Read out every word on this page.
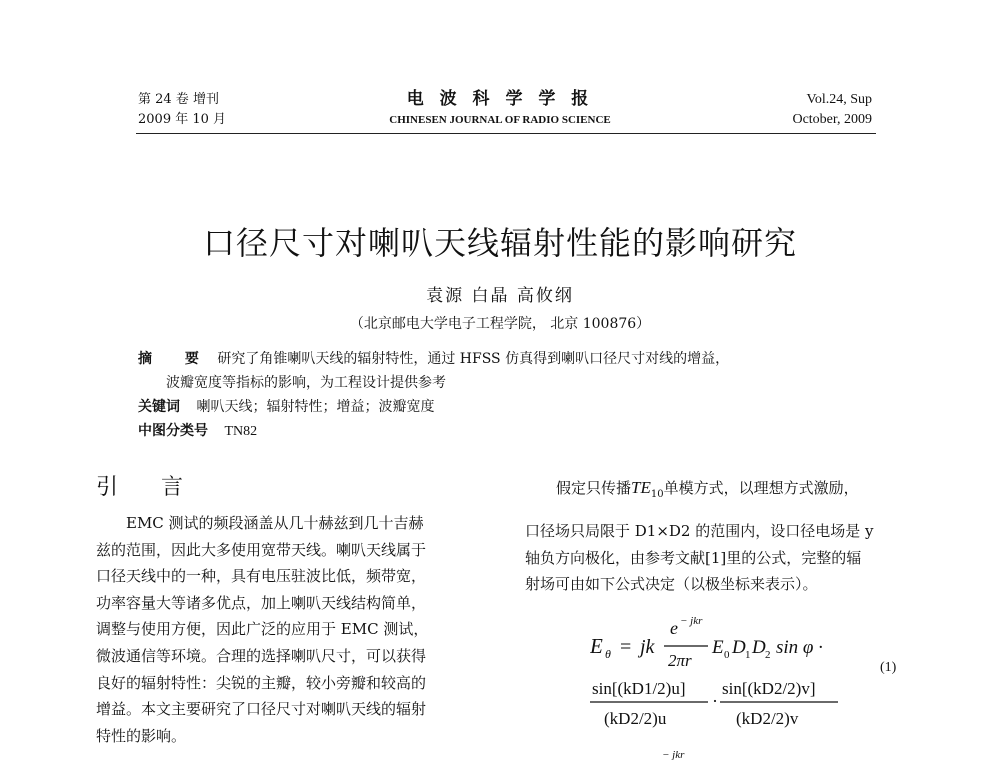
第 24 卷 增刊
2009 年 10 月
电 波 科 学 学 报
CHINESEN JOURNAL OF RADIO SCIENCE
Vol.24, Sup
October, 2009
口径尺寸对喇叭天线辐射性能的影响研究
袁源 白晶 高攸纲
（北京邮电大学电子工程学院， 北京 100876）
摘 要 研究了角锥喇叭天线的辐射特性，通过 HFSS 仿真得到喇叭口径尺寸对线的增益，
波瓣宽度等指标的影响，为工程设计提供参考
关键词 喇叭天线；辐射特性；增益；波瓣宽度
中图分类号 TN82
引 言
EMC 测试的频段涵盖从几十赫兹到几十吉赫
兹的范围，因此大多使用宽带天线。喇叭天线属于
口径天线中的一种，具有电压驻波比低，频带宽，
功率容量大等诸多优点，加上喇叭天线结构简单，
调整与使用方便，因此广泛的应用于 EMC 测试，
微波通信等环境。合理的选择喇叭尺寸，可以获得
良好的辐射特性：尖锐的主瓣，较小旁瓣和较高的
增益。本文主要研究了口径尺寸对喇叭天线的辐射
特性的影响。
假定只传播$TE_{10}$单模方式，以理想方式激励，
口径场只局限于 D1×D2 的范围内，设口径电场是 y
轴负方向极化，由参考文献[1]里的公式，完整的辐
射场可由如下公式决定（以极坐标来表示）。
E θ = jk
e − jkr
2πr
E 0 D 1 D 2 sin φ ·
sin[(kD1/2)u]
(kD2/2)u
·
sin[(kD2/2)v]
(kD2/2)v
− jkr
(1)
